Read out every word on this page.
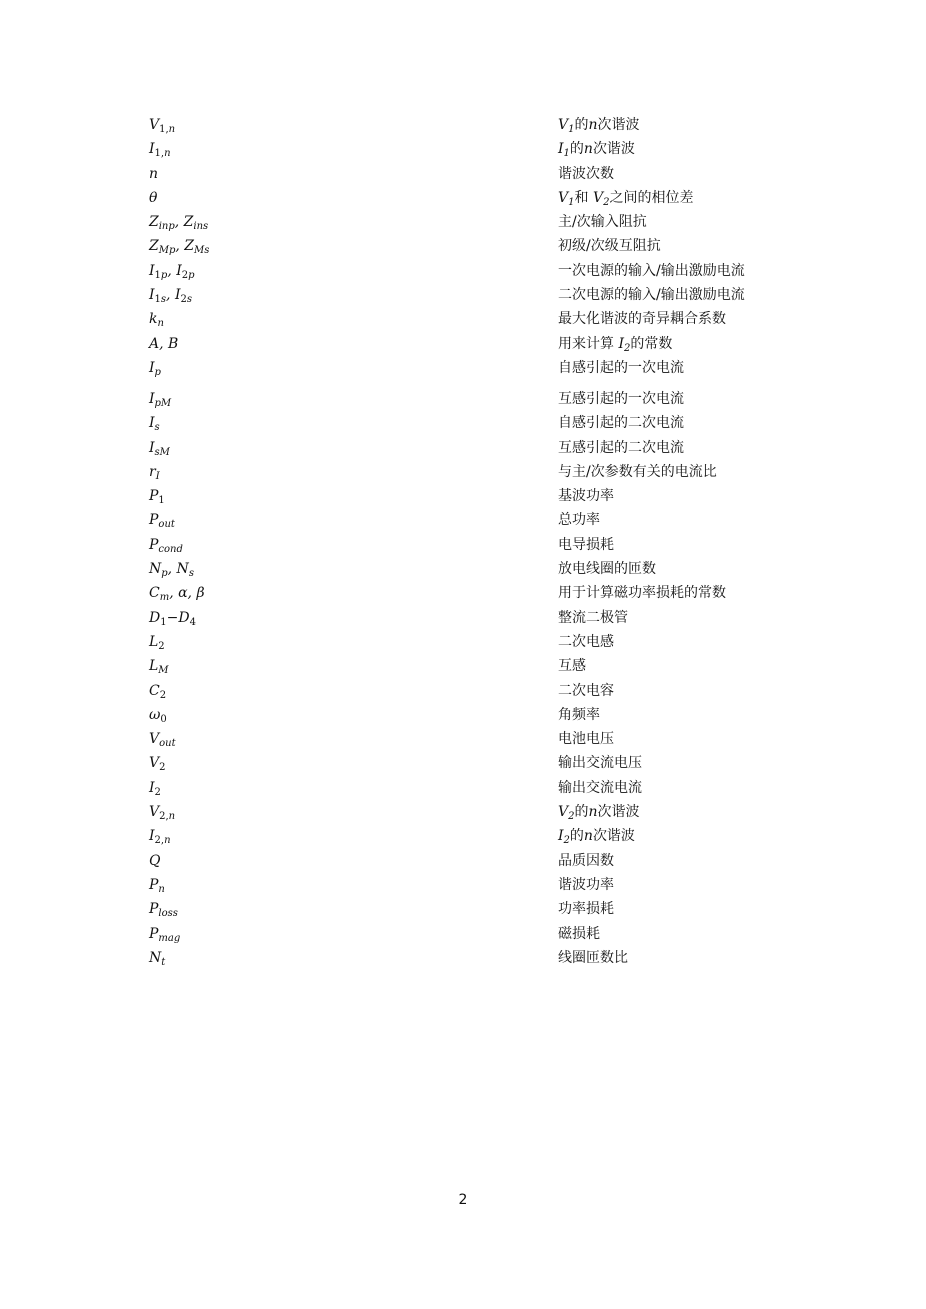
$V_{1,n}$	$V_1$的n次谐波
$I_{1,n}$	$I_1$的n次谐波
n	谐波次数
θ	$V_1$和 $V_2$之间的相位差
$Z_{inp}$, $Z_{ins}$	主/次输入阻抗
$Z_{Mp}$, $Z_{Ms}$	初级/次级互阻抗
$I_{1p}$, $I_{2p}$	一次电源的输入/输出激励电流
$I_{1s}$, $I_{2s}$	二次电源的输入/输出激励电流
$k_n$	最大化谐波的奇异耦合系数
A, B	用来计算 $I_2$的常数
$I_p$	自感引起的一次电流
$I_{pM}$	互感引起的一次电流
$I_s$	自感引起的二次电流
$I_{sM}$	互感引起的二次电流
$r_I$	与主/次参数有关的电流比
$P_1$	基波功率
$P_{out}$	总功率
$P_{cond}$	电导损耗
$N_p$, $N_s$	放电线圈的匝数
$C_m$, α, β	用于计算磁功率损耗的常数
$D_1-D_4$	整流二极管
$L_2$	二次电感
$L_M$	互感
$C_2$	二次电容
$\omega_0$	角频率
$V_{out}$	电池电压
$V_2$	输出交流电压
$I_2$	输出交流电流
$V_{2,n}$	$V_2$的n次谐波
$I_{2,n}$	$I_2$的n次谐波
Q	品质因数
$P_n$	谐波功率
$P_{loss}$	功率损耗
$P_{mag}$	磁损耗
$N_t$	线圈匝数比
2
